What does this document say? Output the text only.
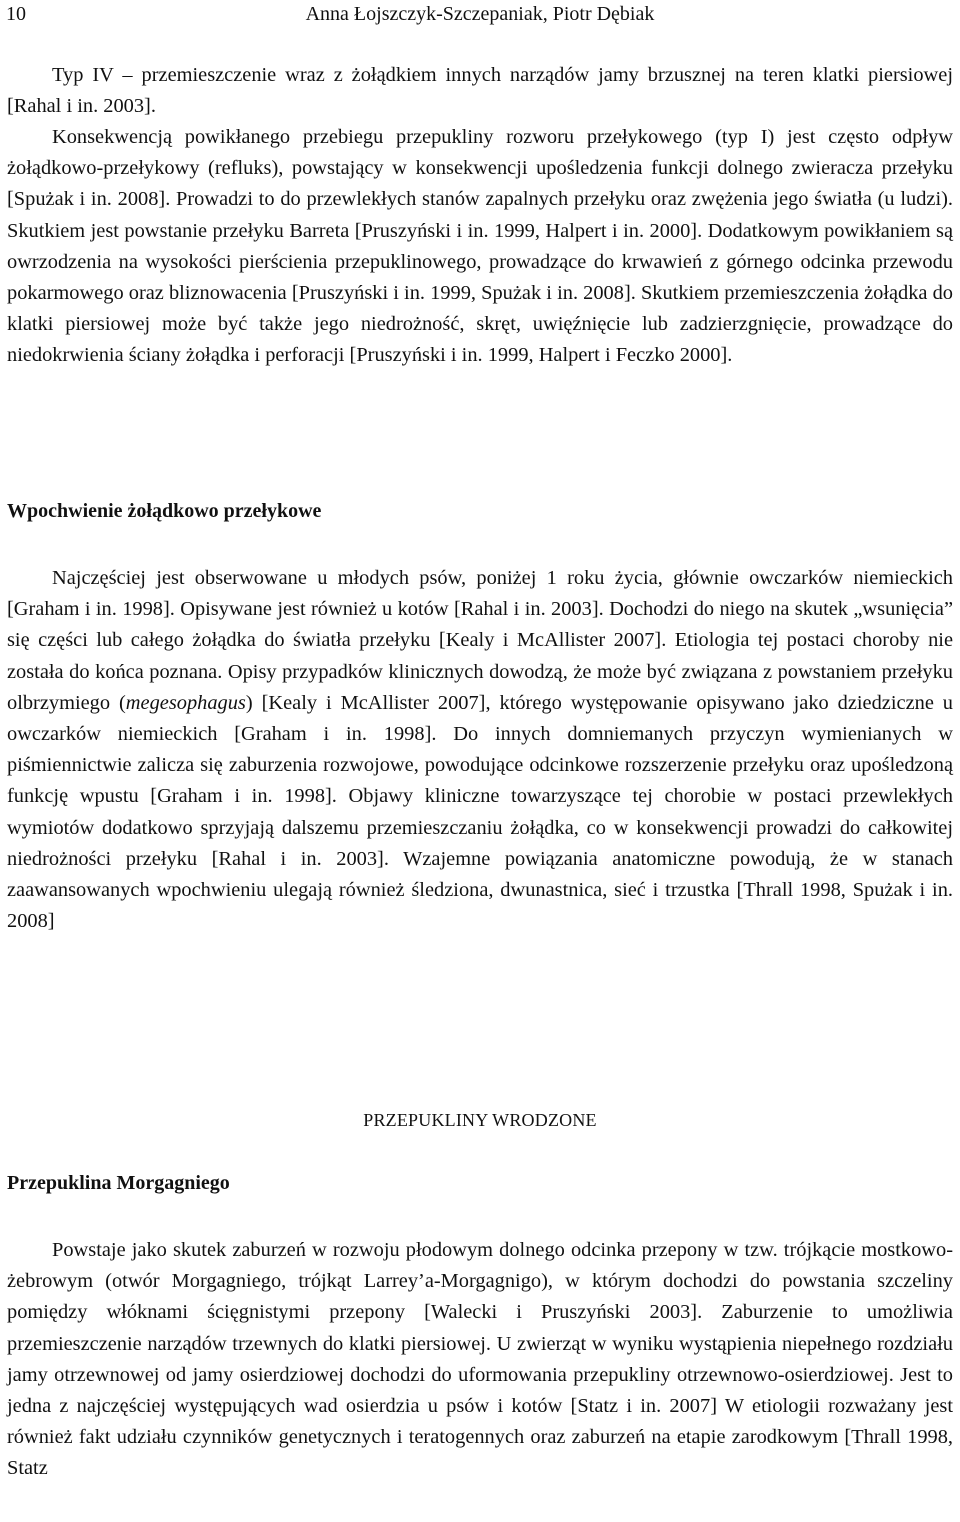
10	Anna Łojszczyk-Szczepaniak, Piotr Dębiak

Typ IV – przemieszczenie wraz z żołądkiem innych narządów jamy brzusznej na teren klatki piersiowej [Rahal i in. 2003].

Konsekwencją powikłanego przebiegu przepukliny rozworu przełykowego (typ I) jest często odpływ żołądkowo-przełykowy (refluks), powstający w konsekwencji upośledzenia funkcji dolnego zwieracza przełyku [Spużak i in. 2008]. Prowadzi to do przewlekłych stanów zapalnych przełyku oraz zwężenia jego światła (u ludzi). Skutkiem jest powstanie przełyku Barreta [Pruszyński i in. 1999, Halpert i in. 2000]. Dodatkowym powikłaniem są owrzodzenia na wysokości pierścienia przepuklinowego, prowadzące do krwawień z górnego odcinka przewodu pokarmowego oraz bliznowacenia [Pruszyński i in. 1999, Spużak i in. 2008]. Skutkiem przemieszczenia żołądka do klatki piersiowej może być także jego niedrożność, skręt, uwięźnięcie lub zadzierzgnięcie, prowadzące do niedokrwienia ściany żołądka i perforacji [Pruszyński i in. 1999, Halpert i Feczko 2000].

Wpochwienie żołądkowo przełykowe

Najczęściej jest obserwowane u młodych psów, poniżej 1 roku życia, głównie owczarków niemieckich [Graham i in. 1998]. Opisywane jest również u kotów [Rahal i in. 2003]. Dochodzi do niego na skutek „wsunięcia” się części lub całego żołądka do światła przełyku [Kealy i McAllister 2007]. Etiologia tej postaci choroby nie została do końca poznana. Opisy przypadków klinicznych dowodzą, że może być związana z powstaniem przełyku olbrzymiego (megesophagus) [Kealy i McAllister 2007], którego występowanie opisywano jako dziedziczne u owczarków niemieckich [Graham i in. 1998]. Do innych domniemanych przyczyn wymienianych w piśmiennictwie zalicza się zaburzenia rozwojowe, powodujące odcinkowe rozszerzenie przełyku oraz upośledzoną funkcję wpustu [Graham i in. 1998]. Objawy kliniczne towarzyszące tej chorobie w postaci przewlekłych wymiotów dodatkowo sprzyjają dalszemu przemieszczaniu żołądka, co w konsekwencji prowadzi do całkowitej niedrożności przełyku [Rahal i in. 2003]. Wzajemne powiązania anatomiczne powodują, że w stanach zaawansowanych wpochwieniu ulegają również śledziona, dwunastnica, sieć i trzustka [Thrall 1998, Spużak i in. 2008]

PRZEPUKLINY WRODZONE
Przepuklina Morgagniego

Powstaje jako skutek zaburzeń w rozwoju płodowym dolnego odcinka przepony w tzw. trójkącie mostkowo-żebrowym (otwór Morgagniego, trójkąt Larrey’a-Morgagnigo), w którym dochodzi do powstania szczeliny pomiędzy włóknami ścięgnistymi przepony [Walecki i Pruszyński 2003]. Zaburzenie to umożliwia przemieszczenie narządów trzewnych do klatki piersiowej. U zwierząt w wyniku wystąpienia niepełnego rozdziału jamy otrzewnowej od jamy osierdziowej dochodzi do uformowania przepukliny otrzewnowo-osierdziowej. Jest to jedna z najczęściej występujących wad osierdzia u psów i kotów [Statz i in. 2007] W etiologii rozważany jest również fakt udziału czynników genetycznych i teratogennych oraz zaburzeń na etapie zarodkowym [Thrall 1998, Statz
